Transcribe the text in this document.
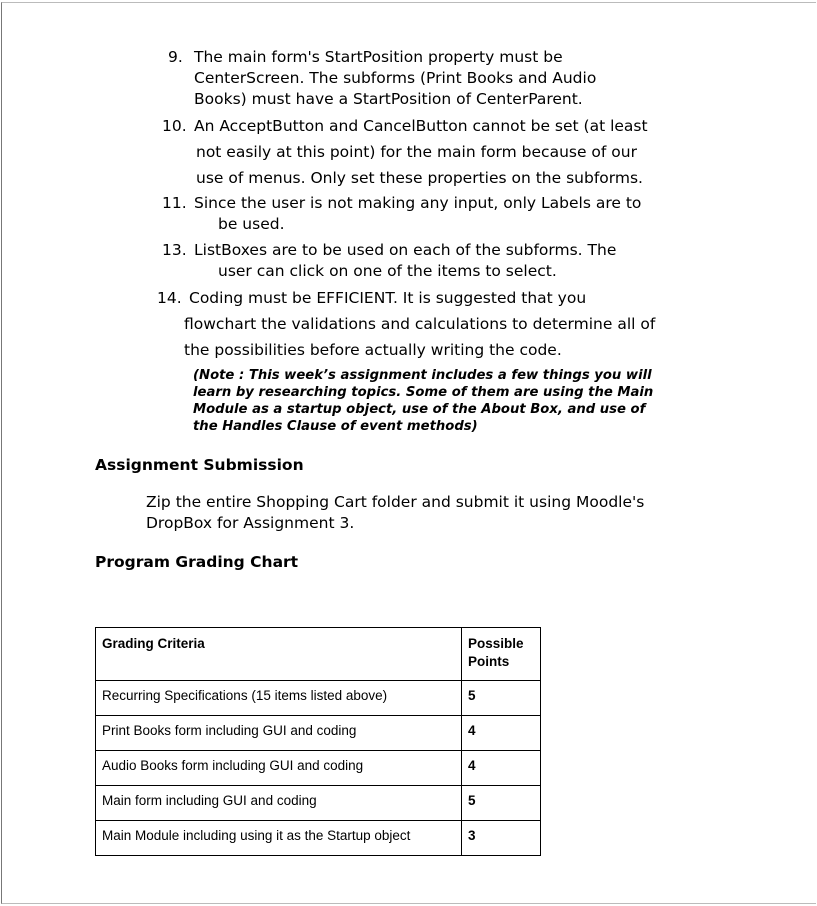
9. The main form's StartPosition property must be
CenterScreen. The subforms (Print Books and Audio
Books) must have a StartPosition of CenterParent.
10. An AcceptButton and CancelButton cannot be set (at least
not easily at this point) for the main form because of our
use of menus. Only set these properties on the subforms.
11. Since the user is not making any input, only Labels are to
be used.
13. ListBoxes are to be used on each of the subforms. The
user can click on one of the items to select.
14. Coding must be EFFICIENT. It is suggested that you
flowchart the validations and calculations to determine all of
the possibilities before actually writing the code.
(Note : This week’s assignment includes a few things you will
learn by researching topics. Some of them are using the Main
Module as a startup object, use of the About Box, and use of
the Handles Clause of event methods)
Assignment Submission
Zip the entire Shopping Cart folder and submit it using Moodle's
DropBox for Assignment 3.
Program Grading Chart
Grading Criteria	Possible
Points

Recurring Specifications (15 items listed above)	5
Print Books form including GUI and coding	4
Audio Books form including GUI and coding	4
Main form including GUI and coding	5
Main Module including using it as the Startup object	3
